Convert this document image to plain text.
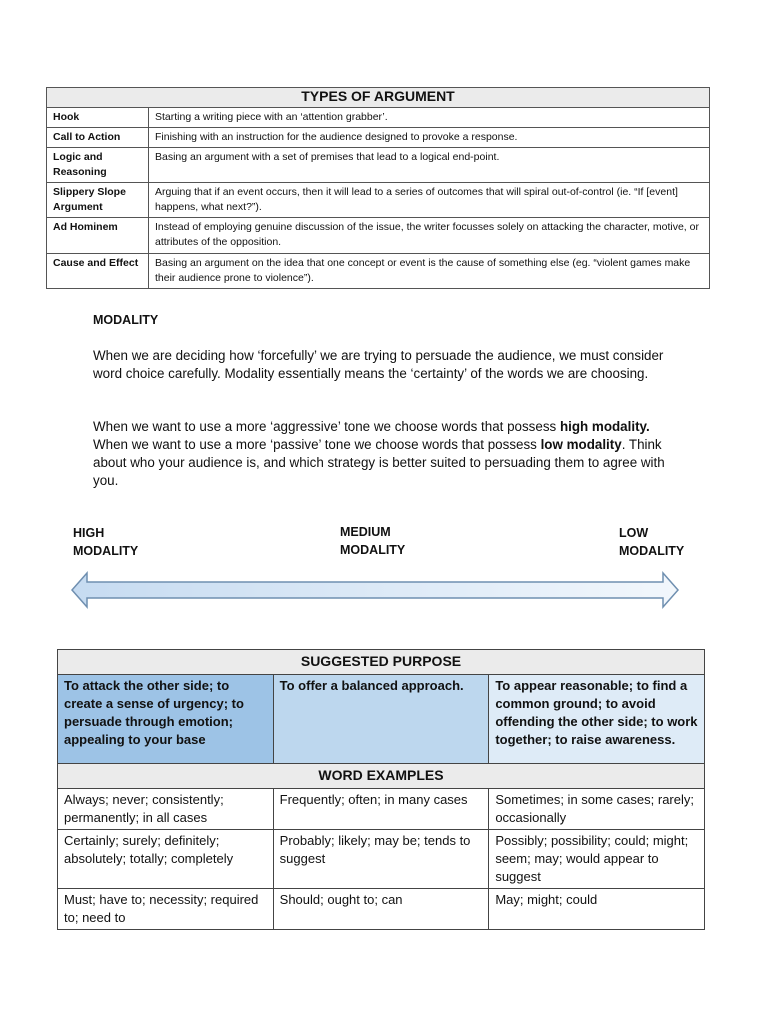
TYPES OF ARGUMENT	
Hook	Starting a writing piece with an ‘attention grabber’.
Call to Action	Finishing with an instruction for the audience designed to provoke a response.
Logic and Reasoning	Basing an argument with a set of premises that lead to a logical end-point.
Slippery Slope Argument	Arguing that if an event occurs, then it will lead to a series of outcomes that will spiral out-of-control (ie. “If [event] happens, what next?”).
Ad Hominem	Instead of employing genuine discussion of the issue, the writer focusses solely on attacking the character, motive, or attributes of the opposition.
Cause and Effect	Basing an argument on the idea that one concept or event is the cause of something else (eg. “violent games make their audience prone to violence”).
MODALITY
When we are deciding how ‘forcefully’ we are trying to persuade the audience, we must consider word choice carefully. Modality essentially means the ‘certainty’ of the words we are choosing.
When we want to use a more ‘aggressive’ tone we choose words that possess high modality. When we want to use a more ‘passive’ tone we choose words that possess low modality. Think about who your audience is, and which strategy is better suited to persuading them to agree with you.
HIGH MODALITY
MEDIUM MODALITY
LOW MODALITY
SUGGESTED PURPOSE		
To attack the other side; to create a sense of urgency; to persuade through emotion; appealing to your base	To offer a balanced approach.	To appear reasonable; to find a common ground; to avoid offending the other side; to work together; to raise awareness.
WORD EXAMPLES		
Always; never; consistently; permanently; in all cases	Frequently; often; in many cases	Sometimes; in some cases; rarely; occasionally
Certainly; surely; definitely; absolutely; totally; completely	Probably; likely; may be; tends to suggest	Possibly; possibility; could; might; seem; may; would appear to suggest
Must; have to; necessity; required to; need to	Should; ought to; can	May; might; could
